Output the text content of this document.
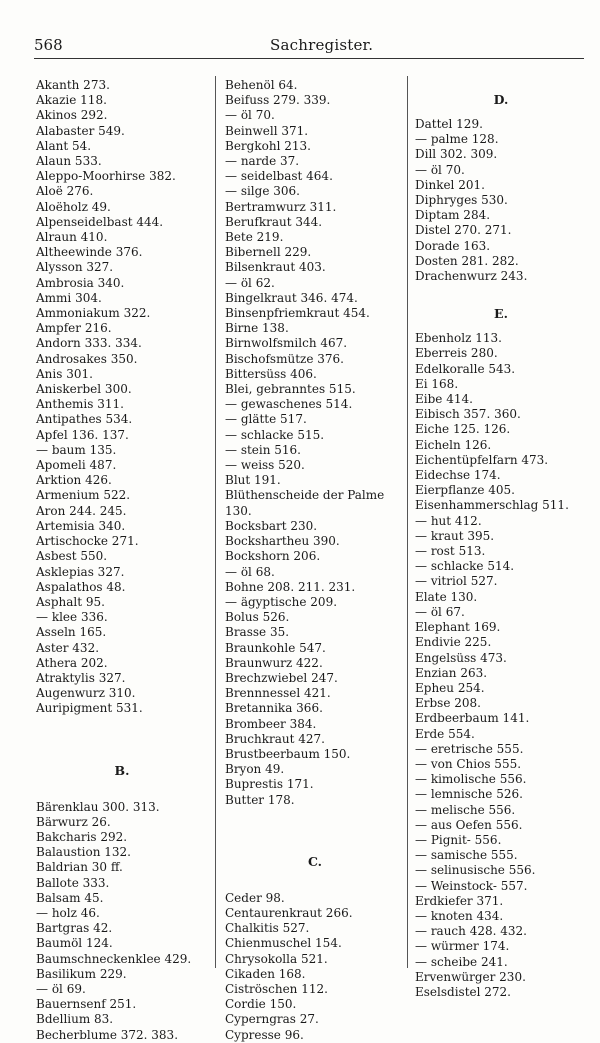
568	Sachregister.
Akanth 273.
Akazie 118.
Akinos 292.
Alabaster 549.
Alant 54.
Alaun 533.
Aleppo-Moorhirse 382.
Aloë 276.
Aloëholz 49.
Alpenseidelbast 444.
Alraun 410.
Altheewinde 376.
Alysson 327.
Ambrosia 340.
Ammi 304.
Ammoniakum 322.
Ampfer 216.
Andorn 333. 334.
Androsakes 350.
Anis 301.
Aniskerbel 300.
Anthemis 311.
Antipathes 534.
Apfel 136. 137.
— baum 135.
Apomeli 487.
Arktion 426.
Armenium 522.
Aron 244. 245.
Artemisia 340.
Artischocke 271.
Asbest 550.
Asklepias 327.
Aspalathos 48.
Asphalt 95.
— klee 336.
Asseln 165.
Aster 432.
Athera 202.
Atraktylis 327.
Augenwurz 310.
Auripigment 531.
B.
Bärenklau 300. 313.
Bärwurz 26.
Bakcharis 292.
Balaustion 132.
Baldrian 30 ff.
Ballote 333.
Balsam 45.
— holz 46.
Bartgras 42.
Baumöl 124.
Baumschneckenklee 429.
Basilikum 229.
— öl 69.
Bauernsenf 251.
Bdellium 83.
Becherblume 372. 383.
Behenöl 64.
Beifuss 279. 339.
— öl 70.
Beinwell 371.
Bergkohl 213.
— narde 37.
— seidelbast 464.
— silge 306.
Bertramwurz 311.
Berufkraut 344.
Bete 219.
Bibernell 229.
Bilsenkraut 403.
— öl 62.
Bingelkraut 346. 474.
Binsenpfriemkraut 454.
Birne 138.
Birnwolfsmilch 467.
Bischofsmütze 376.
Bittersüss 406.
Blei, gebranntes 515.
— gewaschenes 514.
— glätte 517.
— schlacke 515.
— stein 516.
— weiss 520.
Blut 191.
Blüthenscheide der Palme 130.
Bocksbart 230.
Bockshartheu 390.
Bockshorn 206.
— öl 68.
Bohne 208. 211. 231.
— ägyptische 209.
Bolus 526.
Brasse 35.
Braunkohle 547.
Braunwurz 422.
Brechzwiebel 247.
Brennnessel 421.
Bretannika 366.
Brombeer 384.
Bruchkraut 427.
Brustbeerbaum 150.
Bryon 49.
Buprestis 171.
Butter 178.
C.
Ceder 98.
Centaurenkraut 266.
Chalkitis 527.
Chienmuschel 154.
Chrysokolla 521.
Cikaden 168.
Ciströschen 112.
Cordie 150.
Cyperngras 27.
Cypresse 96.
D.
Dattel 129.
— palme 128.
Dill 302. 309.
— öl 70.
Dinkel 201.
Diphryges 530.
Diptam 284.
Distel 270. 271.
Dorade 163.
Dosten 281. 282.
Drachenwurz 243.
E.
Ebenholz 113.
Eberreis 280.
Edelkoralle 543.
Ei 168.
Eibe 414.
Eibisch 357. 360.
Eiche 125. 126.
Eicheln 126.
Eichentüpfelfarn 473.
Eidechse 174.
Eierpflanze 405.
Eisenhammerschlag 511.
— hut 412.
— kraut 395.
— rost 513.
— schlacke 514.
— vitriol 527.
Elate 130.
— öl 67.
Elephant 169.
Endivie 225.
Engelsüss 473.
Enzian 263.
Epheu 254.
Erbse 208.
Erdbeerbaum 141.
Erde 554.
— eretrische 555.
— von Chios 555.
— kimolische 556.
— lemnische 526.
— melische 556.
— aus Oefen 556.
— Pignit- 556.
— samische 555.
— selinusische 556.
— Weinstock- 557.
Erdkiefer 371.
— knoten 434.
— rauch 428. 432.
— würmer 174.
— scheibe 241.
Ervenwürger 230.
Eselsdistel 272.
